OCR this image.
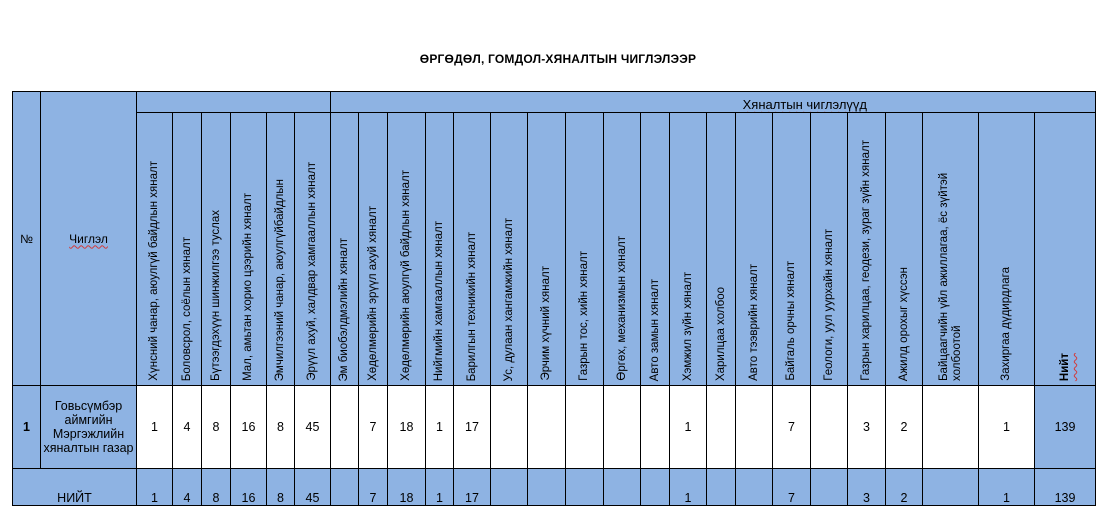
ӨРГӨДӨЛ, ГОМДОЛ-ХЯНАЛТЫН ЧИГЛЭЛЭЭР
№	Чиглэл							Хяналтын чиглэлүүд																			

		Хүнсний чанар, аюулгүй байдлын хяналт	Боловсрол, соёлын хяналт	Бүтээгдэхүүн шинжилгээ туслах	Мал, амьтан хорио цээрийн хяналт	Эмчилгээний чанар, аюулгүйбайдлын	Эрүүл ахуй, халдвар хамгааллын хяналт	Эм биобэлдмэлийн хяналт	Хөдөлмөрийн эрүүл ахуй хяналт	Хөдөлмөрийн аюулгүй байдлын хяналт	Нийгмийн хамгааллын хяналт	Барилгын техникийн хяналт	Ус, дулаан хангамжийн хяналт	Эрчим хүчний хяналт	Газрын тос, хийн хяналт	Өргөх, механизмын хяналт	Авто замын хяналт	Хэмжил зүйн хяналт	Харилцаа холбоо	Авто тээврийн хяналт	Байгаль орчны хяналт	Геологи, уул уурхайн хяналт	Газрын харилцаа, геодези, зураг зүйн хяналт	Ажилд орохыг хүссэн	Байцаагчийн үйл ажиллагаа, ёс зүйтэй холбоотой	Захиргаа дүдирдлага	Нийт

1	Говьсүмбэр аймгийн Мэргэжлийн хяналтын газар	1	4	8	16	8	45		7	18	1	17						1			7		3	2		1	139
НИЙТ		1	4	8	16	8	45		7	18	1	17						1			7		3	2		1	139
